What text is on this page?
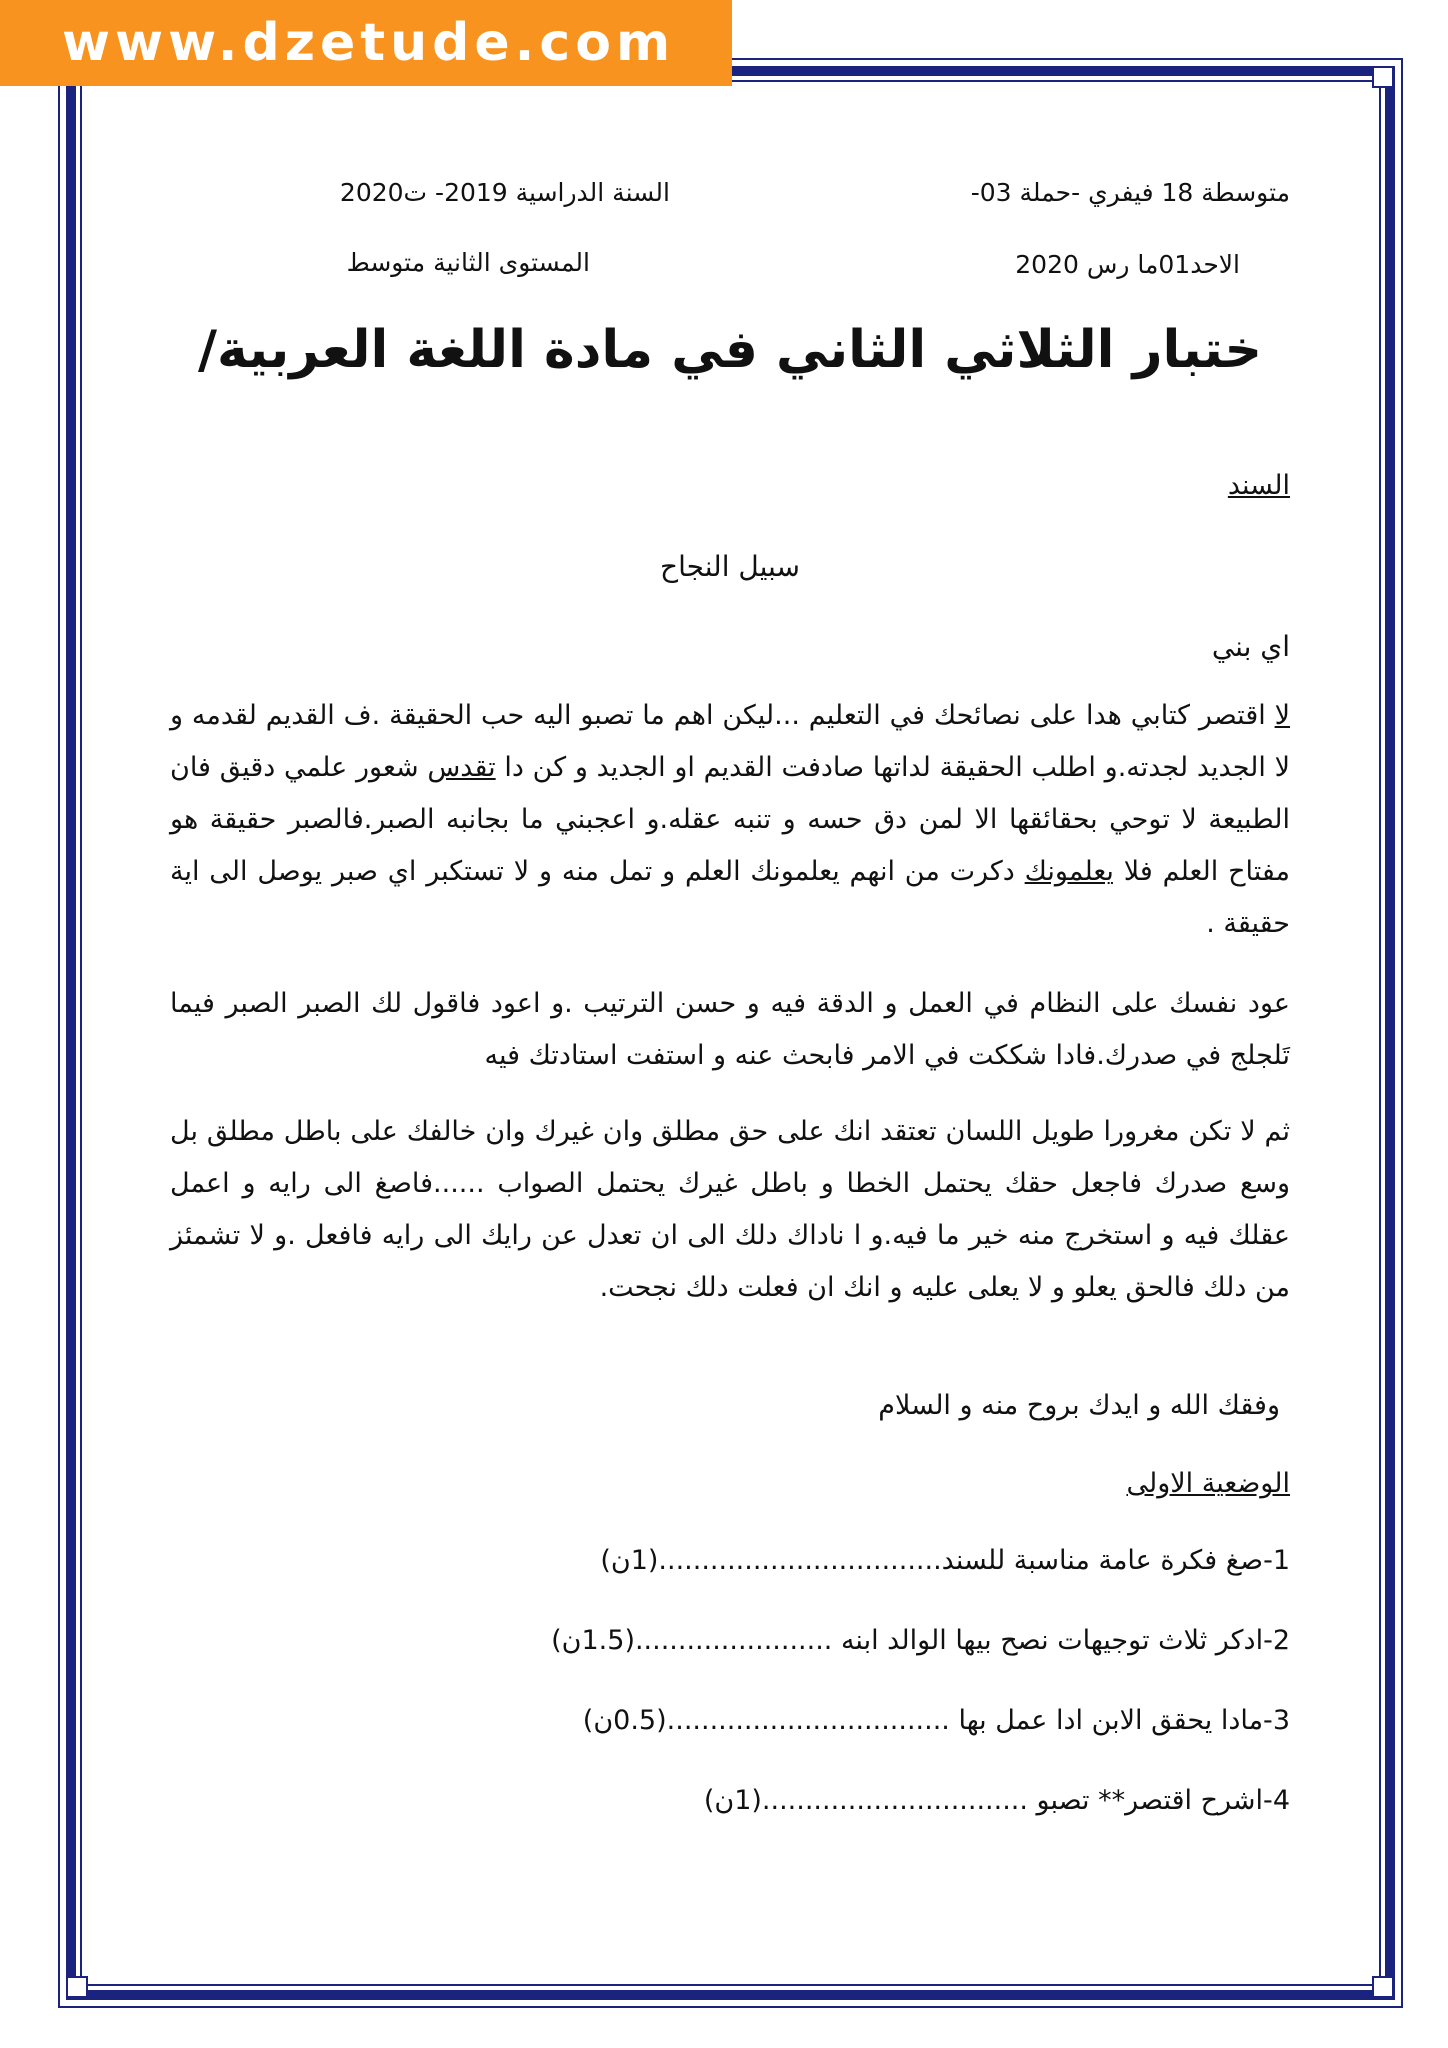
www.dzetude.com
متوسطة 18 فيفري -حملة 03-
السنة الدراسية 2019- ت2020
الاحد01ما رس 2020
المستوى الثانية متوسط
ختبار الثلاثي الثاني في مادة اللغة العربية/
السند
سبيل النجاح
اي بني
لا اقتصر كتابي هدا على نصائحك في التعليم ...ليكن اهم ما تصبو اليه حب الحقيقة .ف القديم لقدمه و لا الجديد لجدته.و اطلب الحقيقة لداتها صادفت القديم او الجديد و كن دا تقدس شعور علمي دقيق فان الطبيعة لا توحي بحقائقها الا لمن دق حسه و تنبه عقله.و اعجبني ما بجانبه الصبر.فالصبر حقيقة هو مفتاح العلم فلا يعلمونك دكرت من انهم يعلمونك العلم و تمل منه و لا تستكبر اي صبر يوصل الى اية حقيقة .
عود نفسك على النظام في العمل و الدقة فيه و حسن الترتيب .و اعود فاقول لك الصبر الصبر فيما تَلجلج في صدرك.فادا شككت في الامر فابحث عنه و استفت استادتك فيه
ثم لا تكن مغرورا طويل اللسان تعتقد انك على حق مطلق وان غيرك وان خالفك على باطل مطلق بل وسع صدرك فاجعل حقك يحتمل الخطا و باطل غيرك يحتمل الصواب ......فاصغ الى رايه و اعمل عقلك فيه و استخرج منه خير ما فيه.و ا ناداك دلك الى ان تعدل عن رايك الى رايه فافعل .و لا تشمئز من دلك فالحق يعلو و لا يعلى عليه و انك ان فعلت دلك نجحت.
وفقك الله و ايدك بروح منه و السلام
الوضعية الاولى
1-صغ فكرة عامة مناسبة للسند.................................(1ن)
2-ادكر ثلاث توجيهات نصح بيها الوالد ابنه .......................(1.5ن)
3-مادا يحقق الابن ادا عمل بها .................................(0.5ن)
4-اشرح اقتصر** تصبو ...............................(1ن)
